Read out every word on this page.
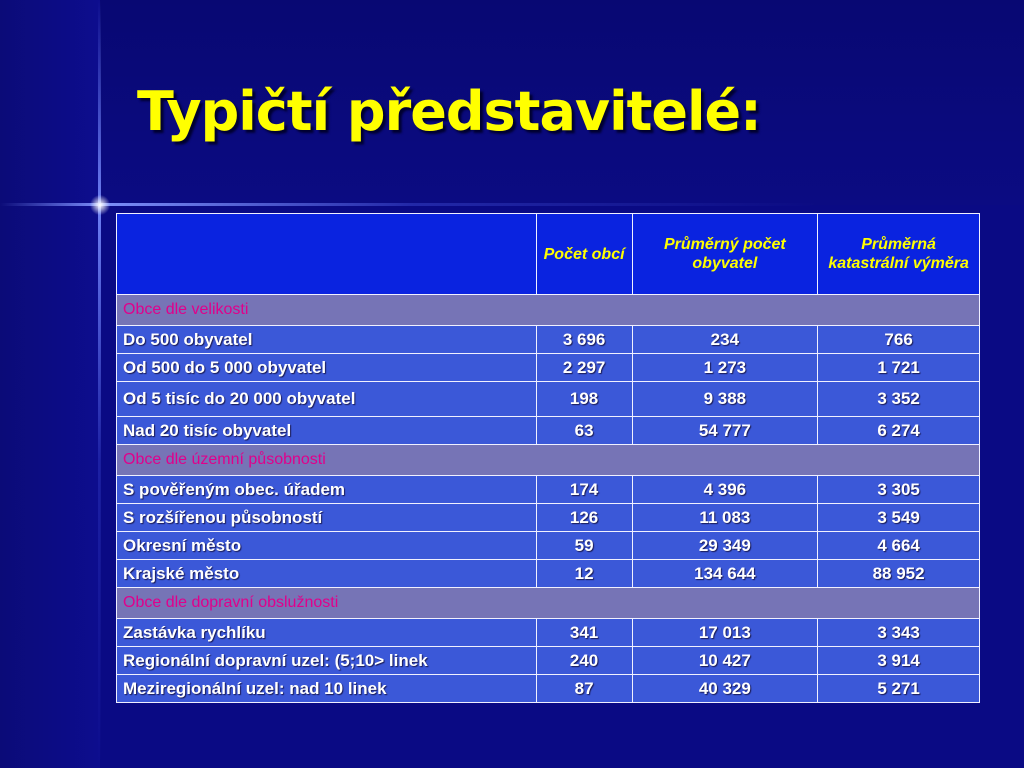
Typičtí představitelé:
	Počet obcí	Průměrný počet obyvatel	Průměrná katastrální výměra
Obce dle velikosti			
Do 500 obyvatel	3 696	234	766
Od 500 do 5 000 obyvatel	2 297	1 273	1 721
Od 5 tisíc do 20 000 obyvatel	198	9 388	3 352
Nad 20 tisíc obyvatel	63	54 777	6 274
Obce dle územní působnosti			
S pověřeným obec. úřadem	174	4 396	3 305
S rozšířenou působností	126	11 083	3 549
Okresní město	59	29 349	4 664
Krajské město	12	134 644	88 952
Obce dle dopravní obslužnosti			
Zastávka rychlíku	341	17 013	3 343
Regionální dopravní uzel: (5;10> linek	240	10 427	3 914
Meziregionální uzel: nad 10 linek	87	40 329	5 271
